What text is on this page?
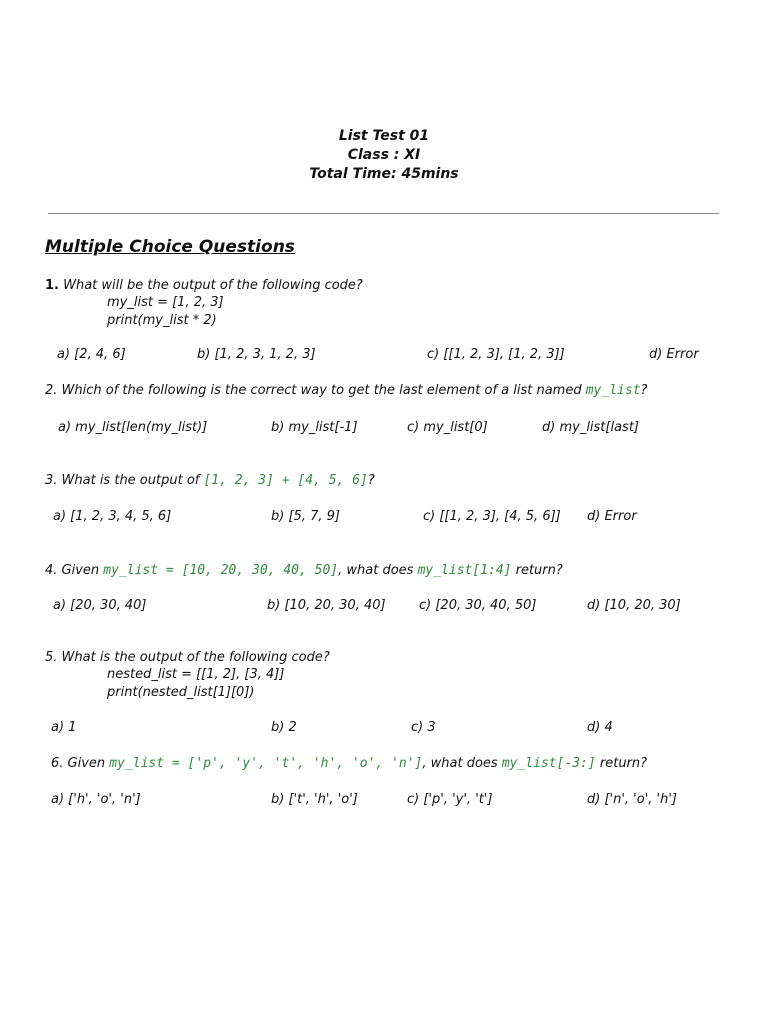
List Test 01
Class : XI
Total Time: 45mins
Multiple Choice Questions
1. What will be the output of the following code?
my_list = [1, 2, 3]
print(my_list * 2)
a) [2, 4, 6]	b) [1, 2, 3, 1, 2, 3]	c) [[1, 2, 3], [1, 2, 3]]	d) Error
2. Which of the following is the correct way to get the last element of a list named my_list?
a) my_list[len(my_list)]	b) my_list[-1]	c) my_list[0]	d) my_list[last]
3. What is the output of [1, 2, 3] + [4, 5, 6]?
a) [1, 2, 3, 4, 5, 6]	b) [5, 7, 9]	c) [[1, 2, 3], [4, 5, 6]] d) Error
4. Given my_list = [10, 20, 30, 40, 50], what does my_list[1:4] return?
a) [20, 30, 40]	b) [10, 20, 30, 40]	c) [20, 30, 40, 50]	d) [10, 20, 30]
5. What is the output of the following code?
nested_list = [[1, 2], [3, 4]]
print(nested_list[1][0])
a) 1	b) 2	c) 3	d) 4
6. Given my_list = ['p', 'y', 't', 'h', 'o', 'n'], what does my_list[-3:] return?
a) ['h', 'o', 'n']	b) ['t', 'h', 'o']	c) ['p', 'y', 't']	d) ['n', 'o', 'h']
